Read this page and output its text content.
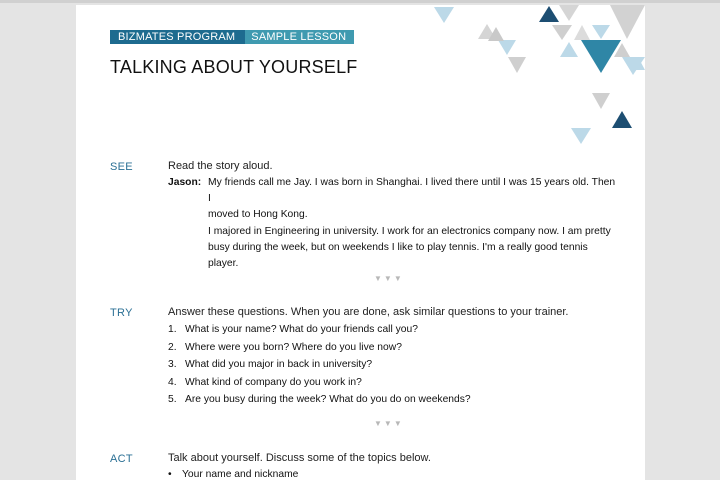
BIZMATES PROGRAM	SAMPLE LESSON
TALKING ABOUT YOURSELF
SEE	Read the story aloud.
Jason: My friends call me Jay. I was born in Shanghai. I lived there until I was 15 years old. Then I
moved to Hong Kong.
I majored in Engineering in university. I work for an electronics company now. I am pretty
busy during the week, but on weekends I like to play tennis. I'm a really good tennis player.
▼▼▼
TRY	Answer these questions. When you are done, ask similar questions to your trainer.
1. What is your name? What do your friends call you?
2. Where were you born? Where do you live now?
3. What did you major in back in university?
4. What kind of company do you work in?
5. Are you busy during the week? What do you do on weekends?
▼▼▼
ACT	Talk about yourself. Discuss some of the topics below.
• Your name and nickname
